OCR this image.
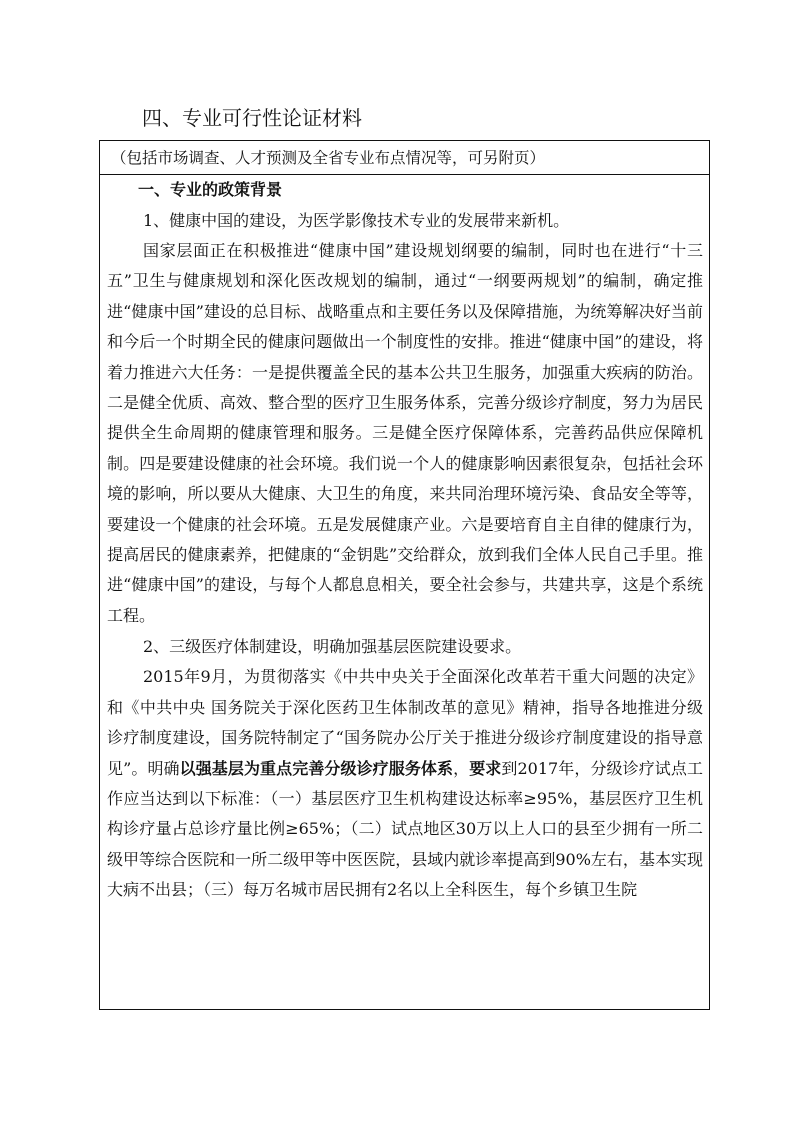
四、专业可行性论证材料
（包括市场调查、人才预测及全省专业布点情况等，可另附页）

一、专业的政策背景

1、健康中国的建设，为医学影像技术专业的发展带来新机。

国家层面正在积极推进“健康中国”建设规划纲要的编制，同时也在进行“十三五”卫生与健康规划和深化医改规划的编制，通过“一纲要两规划”的编制，确定推进“健康中国”建设的总目标、战略重点和主要任务以及保障措施，为统筹解决好当前和今后一个时期全民的健康问题做出一个制度性的安排。推进“健康中国”的建设，将着力推进六大任务：一是提供覆盖全民的基本公共卫生服务，加强重大疾病的防治。二是健全优质、高效、整合型的医疗卫生服务体系，完善分级诊疗制度，努力为居民提供全生命周期的健康管理和服务。三是健全医疗保障体系，完善药品供应保障机制。四是要建设健康的社会环境。我们说一个人的健康影响因素很复杂，包括社会环境的影响，所以要从大健康、大卫生的角度，来共同治理环境污染、食品安全等等，要建设一个健康的社会环境。五是发展健康产业。六是要培育自主自律的健康行为，提高居民的健康素养，把健康的“金钥匙”交给群众，放到我们全体人民自己手里。推进“健康中国”的建设，与每个人都息息相关，要全社会参与，共建共享，这是个系统工程。

2、三级医疗体制建设，明确加强基层医院建设要求。

2015年9月，为贯彻落实《中共中央关于全面深化改革若干重大问题的决定》和《中共中央 国务院关于深化医药卫生体制改革的意见》精神，指导各地推进分级诊疗制度建设，国务院特制定了“国务院办公厅关于推进分级诊疗制度建设的指导意见”。明确以强基层为重点完善分级诊疗服务体系，要求到2017年，分级诊疗试点工作应当达到以下标准：（一）基层医疗卫生机构建设达标率≥95%，基层医疗卫生机构诊疗量占总诊疗量比例≥65%；（二）试点地区30万以上人口的县至少拥有一所二级甲等综合医院和一所二级甲等中医医院，县域内就诊率提高到90%左右，基本实现大病不出县；（三）每万名城市居民拥有2名以上全科医生，每个乡镇卫生院
